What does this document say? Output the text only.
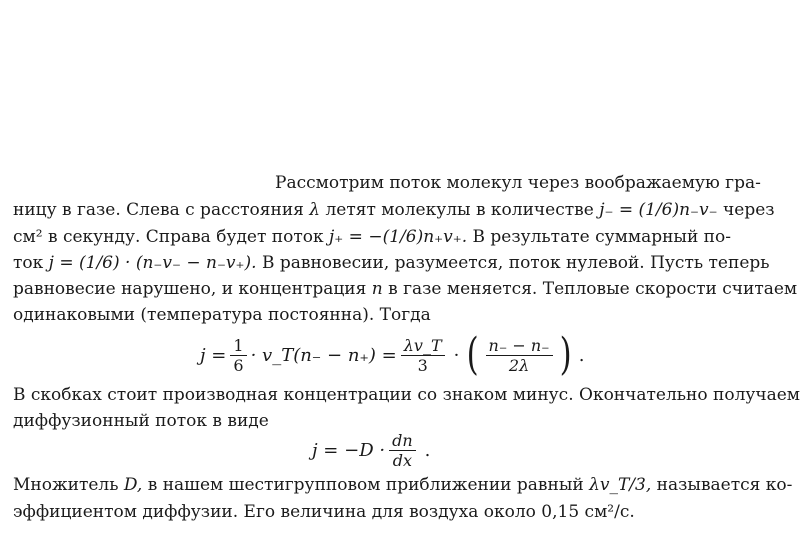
Рассмотрим поток молекул через воображаемую гра-
ницу в газе. Слева с расстояния λ летят молекулы в количестве j₋ = (1/6)n₋v₋ через
см² в секунду. Справа будет поток j₊ = −(1/6)n₊v₊. В результате суммарный по-
ток j = (1/6) · (n₋v₋ − n₋v₊). В равновесии, разумеется, поток нулевой. Пусть теперь
равновесие нарушено, и концентрация n в газе меняется. Тепловые скорости считаем
одинаковыми (температура постоянна). Тогда
$j = \frac{1}{6}$ · v_T(n₋ − $n_+) = \frac{\lambda v\_T}{3}$ · ( $\frac{n_- - n_-}{2\lambda}$ ) .
В скобках стоит производная концентрации со знаком минус. Окончательно получаем
диффузионный поток в виде
$j = -D \cdot \frac{dn}{dx}$ .
Множитель D, в нашем шестигрупповом приближении равный λv_T/3, называется ко-
эффициентом диффузии. Его величина для воздуха около 0,15 см²/с.
